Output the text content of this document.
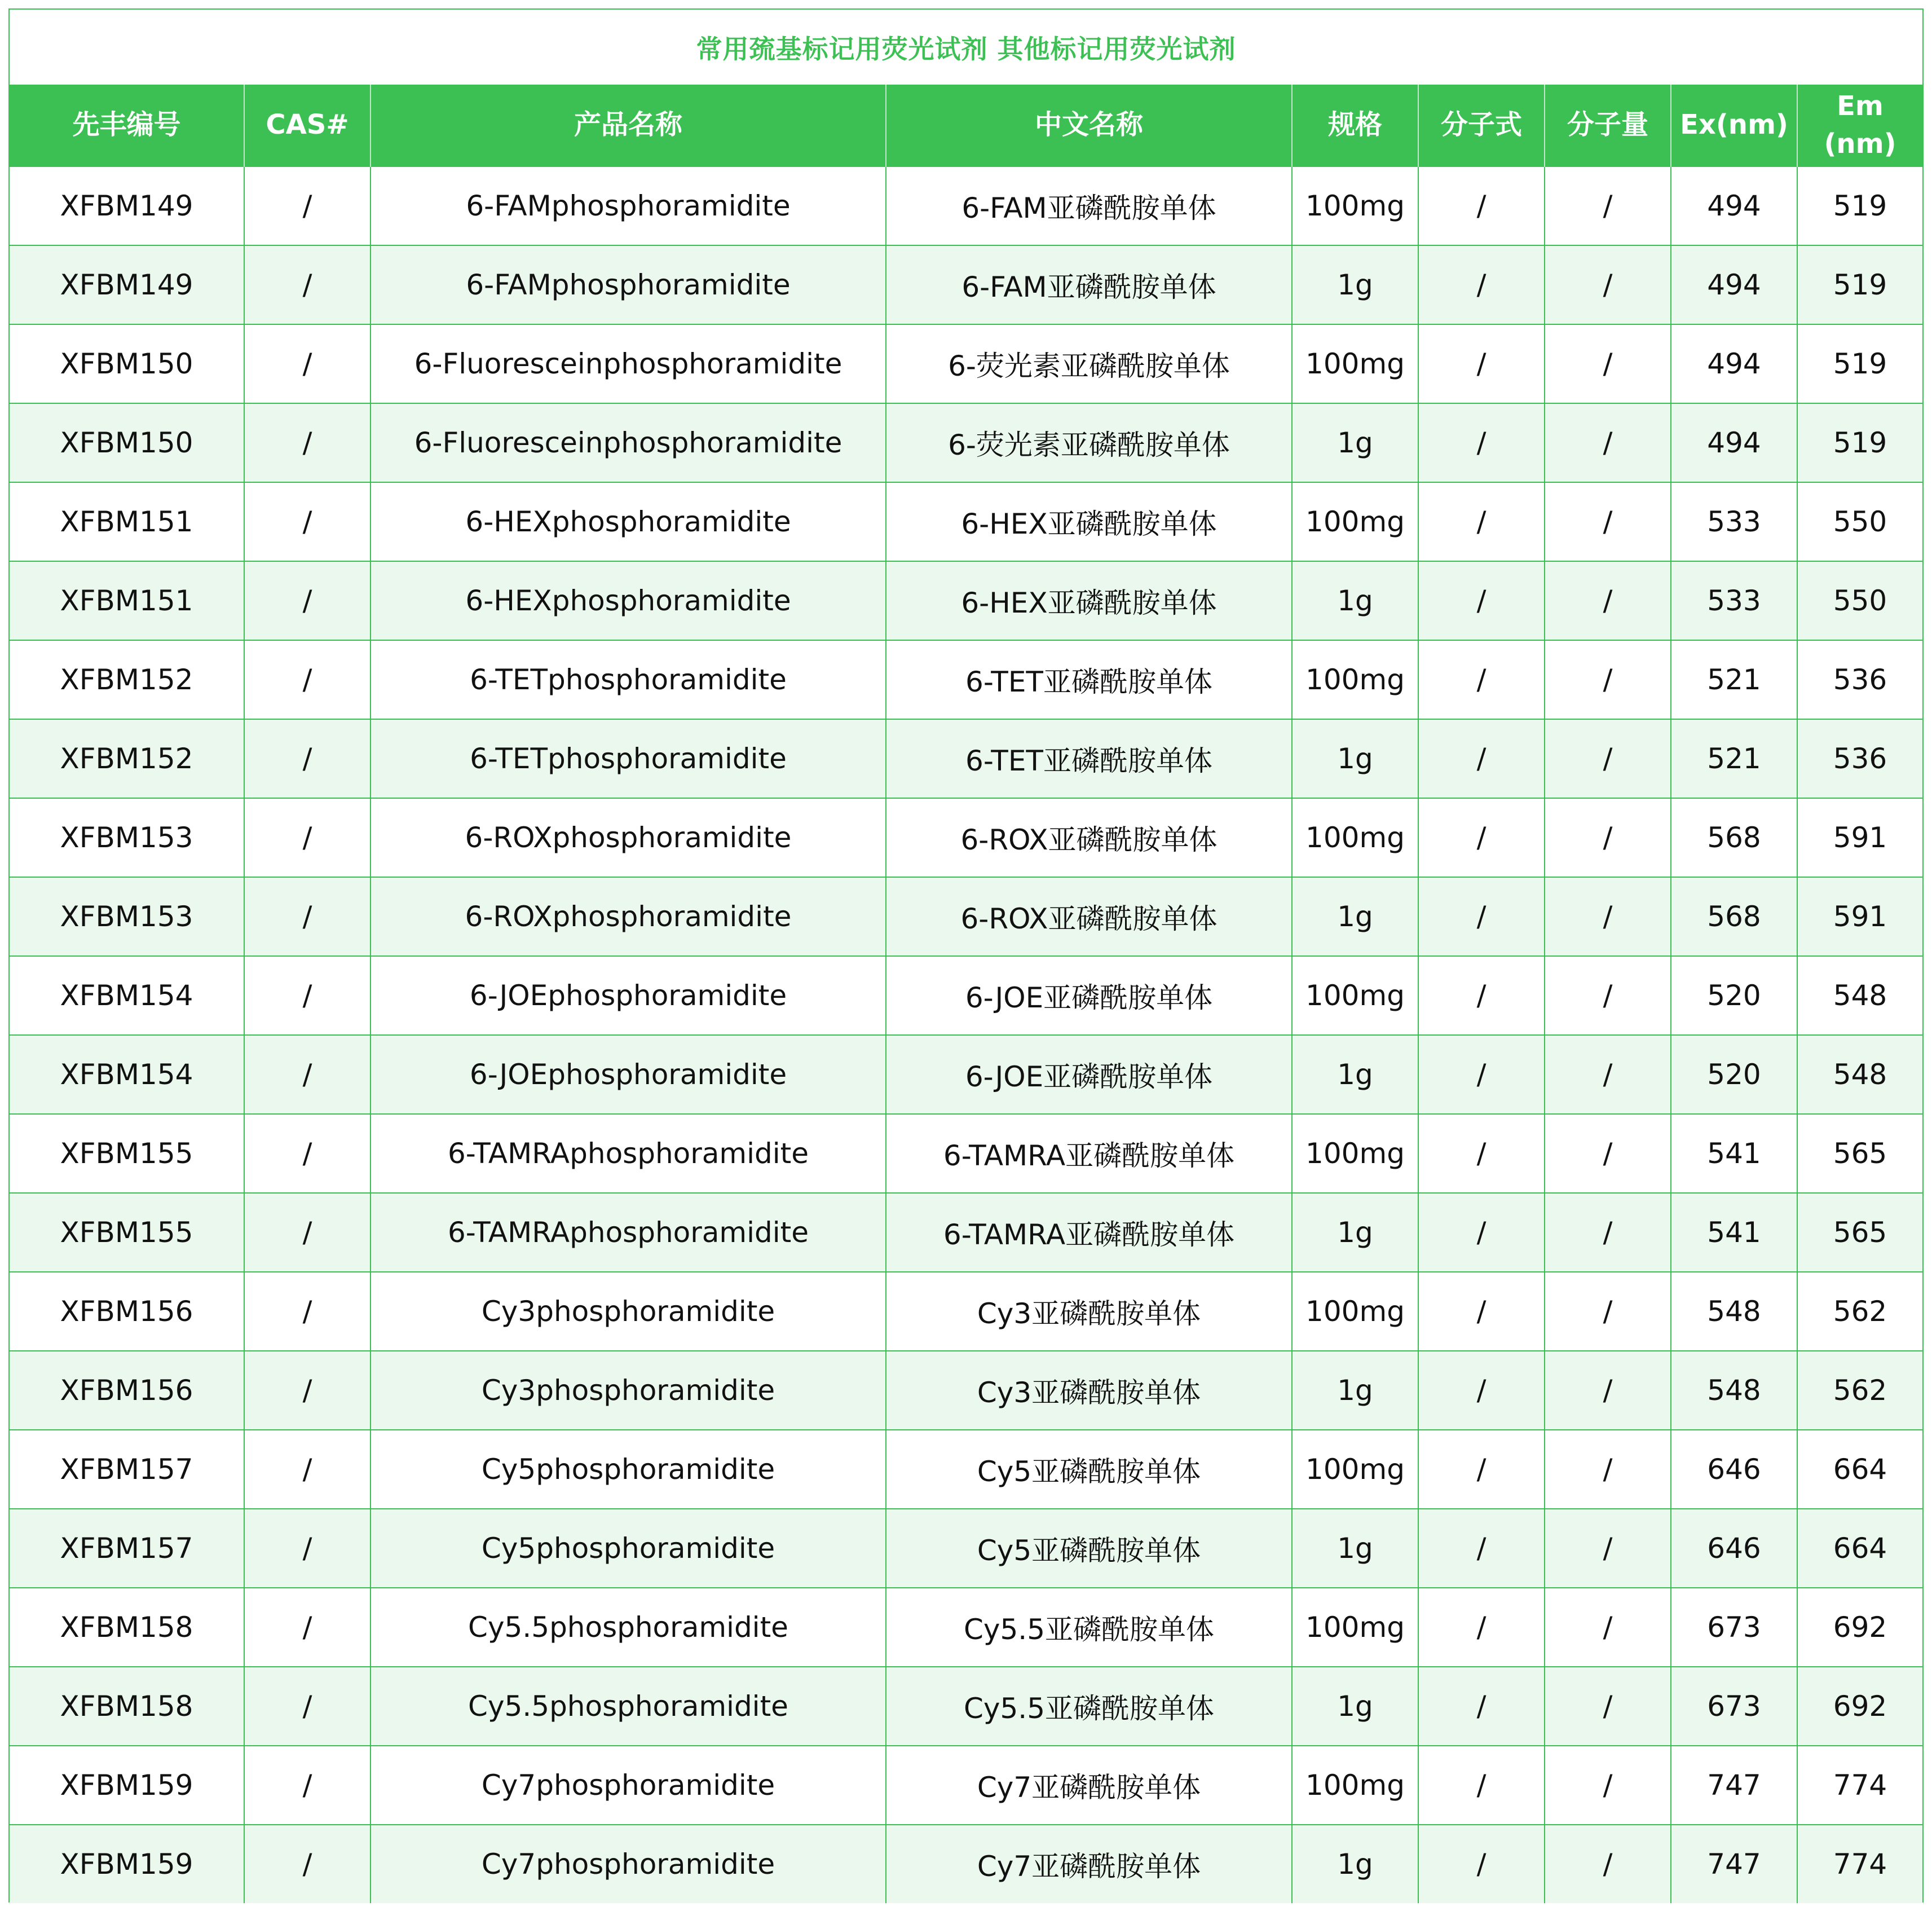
常用巯基标记用荧光试剂 其他标记用荧光试剂
先丰编号	CAS#	产品名称	中文名称	规格	分子式	分子量	Ex(nm)	Em
(nm)
XFBM149	/	6-FAMphosphoramidite	6-FAM亚磷酰胺单体	100mg	/	/	494	519
XFBM149	/	6-FAMphosphoramidite	6-FAM亚磷酰胺单体	1g	/	/	494	519
XFBM150	/	6-Fluoresceinphosphoramidite	6-荧光素亚磷酰胺单体	100mg	/	/	494	519
XFBM150	/	6-Fluoresceinphosphoramidite	6-荧光素亚磷酰胺单体	1g	/	/	494	519
XFBM151	/	6-HEXphosphoramidite	6-HEX亚磷酰胺单体	100mg	/	/	533	550
XFBM151	/	6-HEXphosphoramidite	6-HEX亚磷酰胺单体	1g	/	/	533	550
XFBM152	/	6-TETphosphoramidite	6-TET亚磷酰胺单体	100mg	/	/	521	536
XFBM152	/	6-TETphosphoramidite	6-TET亚磷酰胺单体	1g	/	/	521	536
XFBM153	/	6-ROXphosphoramidite	6-ROX亚磷酰胺单体	100mg	/	/	568	591
XFBM153	/	6-ROXphosphoramidite	6-ROX亚磷酰胺单体	1g	/	/	568	591
XFBM154	/	6-JOEphosphoramidite	6-JOE亚磷酰胺单体	100mg	/	/	520	548
XFBM154	/	6-JOEphosphoramidite	6-JOE亚磷酰胺单体	1g	/	/	520	548
XFBM155	/	6-TAMRAphosphoramidite	6-TAMRA亚磷酰胺单体	100mg	/	/	541	565
XFBM155	/	6-TAMRAphosphoramidite	6-TAMRA亚磷酰胺单体	1g	/	/	541	565
XFBM156	/	Cy3phosphoramidite	Cy3亚磷酰胺单体	100mg	/	/	548	562
XFBM156	/	Cy3phosphoramidite	Cy3亚磷酰胺单体	1g	/	/	548	562
XFBM157	/	Cy5phosphoramidite	Cy5亚磷酰胺单体	100mg	/	/	646	664
XFBM157	/	Cy5phosphoramidite	Cy5亚磷酰胺单体	1g	/	/	646	664
XFBM158	/	Cy5.5phosphoramidite	Cy5.5亚磷酰胺单体	100mg	/	/	673	692
XFBM158	/	Cy5.5phosphoramidite	Cy5.5亚磷酰胺单体	1g	/	/	673	692
XFBM159	/	Cy7phosphoramidite	Cy7亚磷酰胺单体	100mg	/	/	747	774
XFBM159	/	Cy7phosphoramidite	Cy7亚磷酰胺单体	1g	/	/	747	774
